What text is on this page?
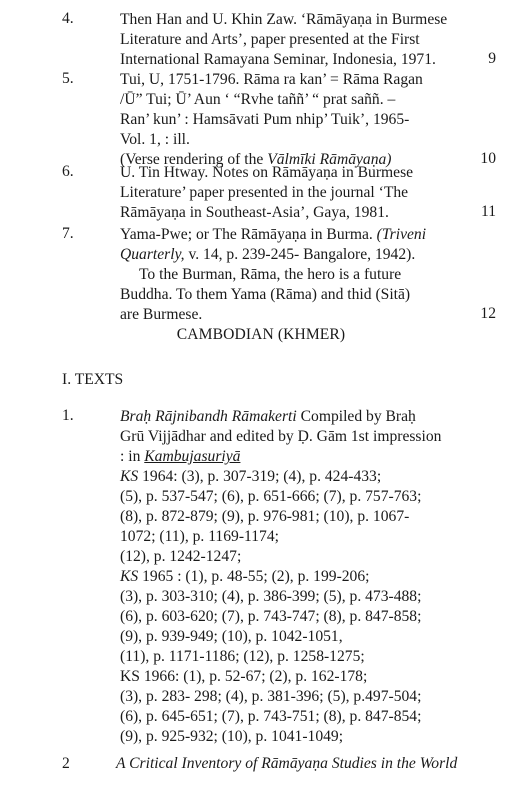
4.	Then Han and U. Khin Zaw. ‘Rāmāyaṇa in Burmese
Literature and Arts’, paper presented at the First
International Ramayana Seminar, Indonesia, 1971.	9
5.	Tui, U, 1751-1796. Rāma ra kan’ = Rāma Ragan
/Ū” Tui; Ū’ Aun ‘ “Rvhe taññ’ “ prat saññ. –
Ran’ kun’ : Hamsāvati Pum nhip’ Tuik’, 1965-
Vol. 1, : ill.
(Verse rendering of the Vālmīki Rāmāyaṇa)	10
6.	U. Tin Htway. Notes on Rāmāyaṇa in Burmese
Literature’ paper presented in the journal ‘The
Rāmāyaṇa in Southeast-Asia’, Gaya, 1981.	11
7.	Yama-Pwe; or The Rāmāyaṇa in Burma. (Triveni
Quarterly, v. 14, p. 239-245- Bangalore, 1942).
To the Burman, Rāma, the hero is a future
Buddha. To them Yama (Rāma) and thid (Sitā)
are Burmese.	12
CAMBODIAN (KHMER)
I. TEXTS
1.	Braḥ Rājnibandh Rāmakerti Compiled by Braḥ
Grū Vijjādhar and edited by Ḍ. Gām 1st impression
: in Kambujasuriyā
KS 1964: (3), p. 307-319; (4), p. 424-433;
(5), p. 537-547; (6), p. 651-666; (7), p. 757-763;
(8), p. 872-879; (9), p. 976-981; (10), p. 1067-
1072; (11), p. 1169-1174;
(12), p. 1242-1247;
KS 1965 : (1), p. 48-55; (2), p. 199-206;
(3), p. 303-310; (4), p. 386-399; (5), p. 473-488;
(6), p. 603-620; (7), p. 743-747; (8), p. 847-858;
(9), p. 939-949; (10), p. 1042-1051,
(11), p. 1171-1186; (12), p. 1258-1275;
KS 1966: (1), p. 52-67; (2), p. 162-178;
(3), p. 283- 298; (4), p. 381-396; (5), p.497-504;
(6), p. 645-651; (7), p. 743-751; (8), p. 847-854;
(9), p. 925-932; (10), p. 1041-1049;
2	A Critical Inventory of Rāmāyaṇa Studies in the World
